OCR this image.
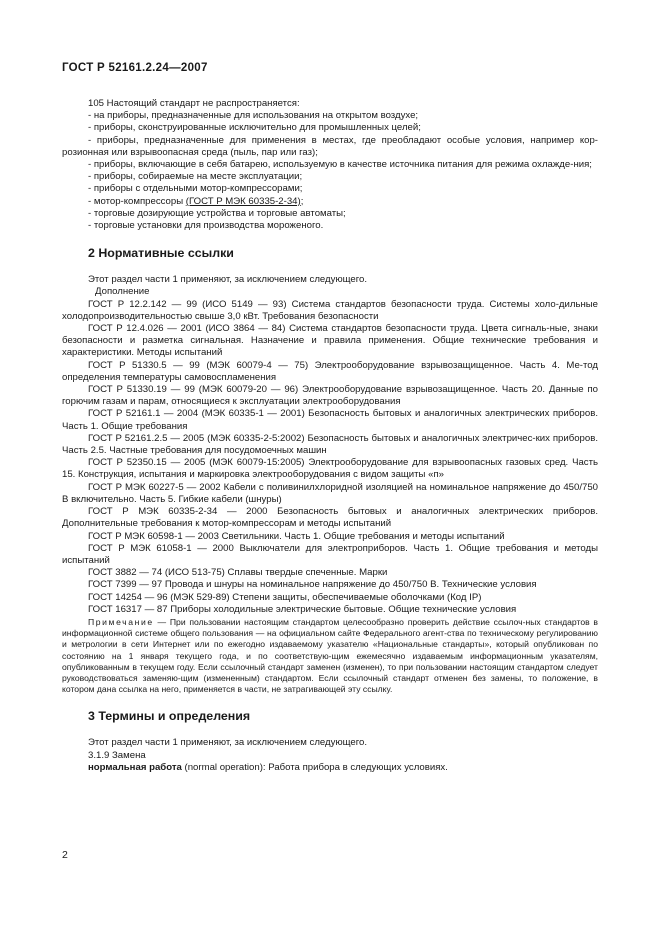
ГОСТ Р 52161.2.24—2007

105 Настоящий стандарт не распространяется:

- на приборы, предназначенные для использования на открытом воздухе;

- приборы, сконструированные исключительно для промышленных целей;

- приборы, предназначенные для применения в местах, где преобладают особые условия, например кор-розионная или взрывоопасная среда (пыль, пар или газ);

- приборы, включающие в себя батарею, используемую в качестве источника питания для режима охлажде-ния;

- приборы, собираемые на месте эксплуатации;

- приборы с отдельными мотор-компрессорами;

- мотор-компрессоры (ГОСТ Р МЭК 60335-2-34);

- торговые дозирующие устройства и торговые автоматы;

- торговые установки для производства мороженого.

2 Нормативные ссылки

Этот раздел части 1 применяют, за исключением следующего.

Дополнение

ГОСТ Р 12.2.142 — 99 (ИСО 5149 — 93) Система стандартов безопасности труда. Системы холо-дильные холодопроизводительностью свыше 3,0 кВт. Требования безопасности

ГОСТ Р 12.4.026 — 2001 (ИСО 3864 — 84) Система стандартов безопасности труда. Цвета сигналь-ные, знаки безопасности и разметка сигнальная. Назначение и правила применения. Общие технические требования и характеристики. Методы испытаний

ГОСТ Р 51330.5 — 99 (МЭК 60079-4 — 75) Электрооборудование взрывозащищенное. Часть 4. Ме-тод определения температуры самовоспламенения

ГОСТ Р 51330.19 — 99 (МЭК 60079-20 — 96) Электрооборудование взрывозащищенное. Часть 20. Данные по горючим газам и парам, относящиеся к эксплуатации электрооборудования

ГОСТ Р 52161.1 — 2004 (МЭК 60335-1 — 2001) Безопасность бытовых и аналогичных электрических приборов. Часть 1. Общие требования

ГОСТ Р 52161.2.5 — 2005 (МЭК 60335-2-5:2002) Безопасность бытовых и аналогичных электричес-ких приборов. Часть 2.5. Частные требования для посудомоечных машин

ГОСТ Р 52350.15 — 2005 (МЭК 60079-15:2005) Электрооборудование для взрывоопасных газовых сред. Часть 15. Конструкция, испытания и маркировка электрооборудования с видом защиты «п»

ГОСТ Р МЭК 60227-5 — 2002 Кабели с поливинилхлоридной изоляцией на номинальное напряжение до 450/750 В включительно. Часть 5. Гибкие кабели (шнуры)

ГОСТ Р МЭК 60335-2-34 — 2000 Безопасность бытовых и аналогичных электрических приборов. Дополнительные требования к мотор-компрессорам и методы испытаний

ГОСТ Р МЭК 60598-1 — 2003 Светильники. Часть 1. Общие требования и методы испытаний

ГОСТ Р МЭК 61058-1 — 2000 Выключатели для электроприборов. Часть 1. Общие требования и методы испытаний

ГОСТ 3882 — 74 (ИСО 513-75) Сплавы твердые спеченные. Марки

ГОСТ 7399 — 97 Провода и шнуры на номинальное напряжение до 450/750 В. Технические условия

ГОСТ 14254 — 96 (МЭК 529-89) Степени защиты, обеспечиваемые оболочками (Код IP)

ГОСТ 16317 — 87 Приборы холодильные электрические бытовые. Общие технические условия

Примечание — При пользовании настоящим стандартом целесообразно проверить действие ссылоч-ных стандартов в информационной системе общего пользования — на официальном сайте Федерального агент-ства по техническому регулированию и метрологии в сети Интернет или по ежегодно издаваемому указателю «Национальные стандарты», который опубликован по состоянию на 1 января текущего года, и по соответствую-щим ежемесячно издаваемым информационным указателям, опубликованным в текущем году. Если ссылочный стандарт заменен (изменен), то при пользовании настоящим стандартом следует руководствоваться заменяю-щим (измененным) стандартом. Если ссылочный стандарт отменен без замены, то положение, в котором дана ссылка на него, применяется в части, не затрагивающей эту ссылку.

3 Термины и определения

Этот раздел части 1 применяют, за исключением следующего.

3.1.9 Замена

нормальная работа (normal operation): Работа прибора в следующих условиях.

2
